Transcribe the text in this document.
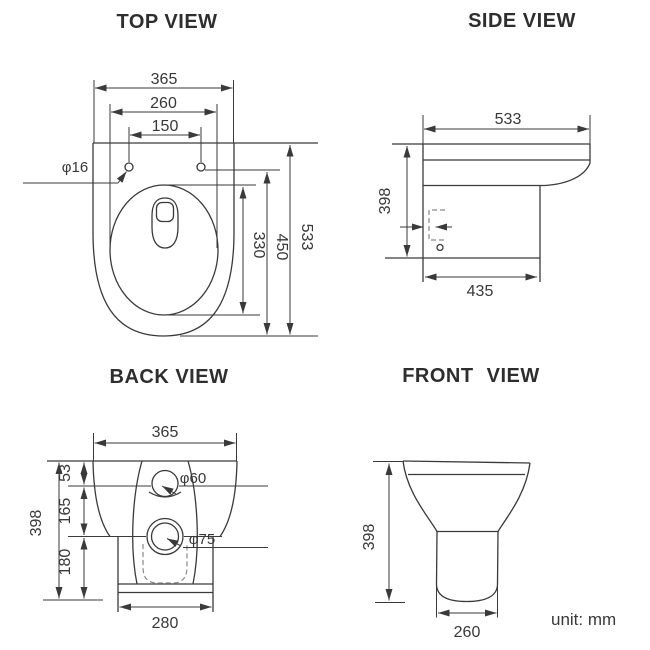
TOP VIEW
365
260
150
φ16
330 450 533
SIDE VIEW
533
398
435
BACK VIEW
365
53
165
398
180
280
φ60
φ75
FRONT VIEW
398
260
unit: mm
